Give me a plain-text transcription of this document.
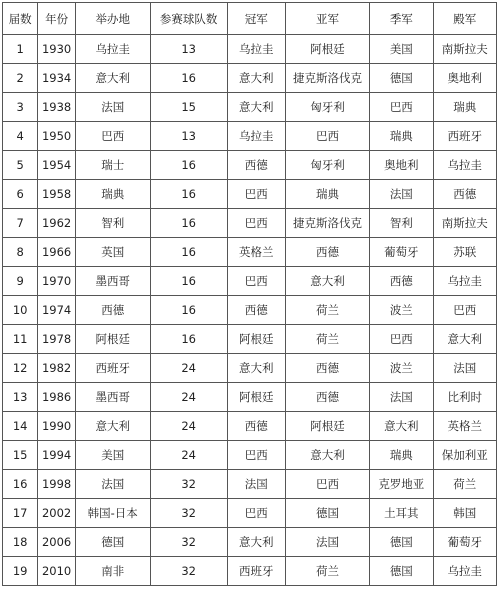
届数	年份	举办地	参赛球队数	冠军	亚军	季军	殿军
1	1930	乌拉圭	13	乌拉圭	阿根廷	美国	南斯拉夫
2	1934	意大利	16	意大利	捷克斯洛伐克	德国	奥地利
3	1938	法国	15	意大利	匈牙利	巴西	瑞典
4	1950	巴西	13	乌拉圭	巴西	瑞典	西班牙
5	1954	瑞士	16	西德	匈牙利	奥地利	乌拉圭
6	1958	瑞典	16	巴西	瑞典	法国	西德
7	1962	智利	16	巴西	捷克斯洛伐克	智利	南斯拉夫
8	1966	英国	16	英格兰	西德	葡萄牙	苏联
9	1970	墨西哥	16	巴西	意大利	西德	乌拉圭
10	1974	西德	16	西德	荷兰	波兰	巴西
11	1978	阿根廷	16	阿根廷	荷兰	巴西	意大利
12	1982	西班牙	24	意大利	西德	波兰	法国
13	1986	墨西哥	24	阿根廷	西德	法国	比利时
14	1990	意大利	24	西德	阿根廷	意大利	英格兰
15	1994	美国	24	巴西	意大利	瑞典	保加利亚
16	1998	法国	32	法国	巴西	克罗地亚	荷兰
17	2002	韩国-日本	32	巴西	德国	土耳其	韩国
18	2006	德国	32	意大利	法国	德国	葡萄牙
19	2010	南非	32	西班牙	荷兰	德国	乌拉圭
